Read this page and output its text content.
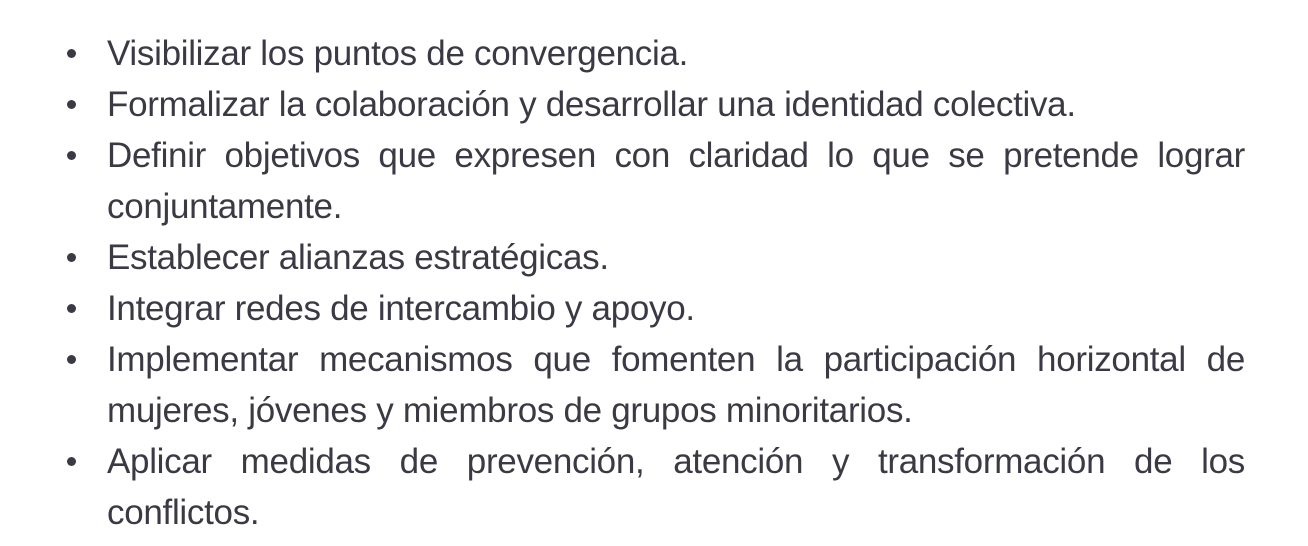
Visibilizar los puntos de convergencia.
Formalizar la colaboración y desarrollar una identidad colectiva.
Definir objetivos que expresen con claridad lo que se pretende lograr conjuntamente.
Establecer alianzas estratégicas.
Integrar redes de intercambio y apoyo.
Implementar mecanismos que fomenten la participación horizontal de mujeres, jóvenes y miembros de grupos minoritarios.
Aplicar medidas de prevención, atención y transformación de los conflictos.
